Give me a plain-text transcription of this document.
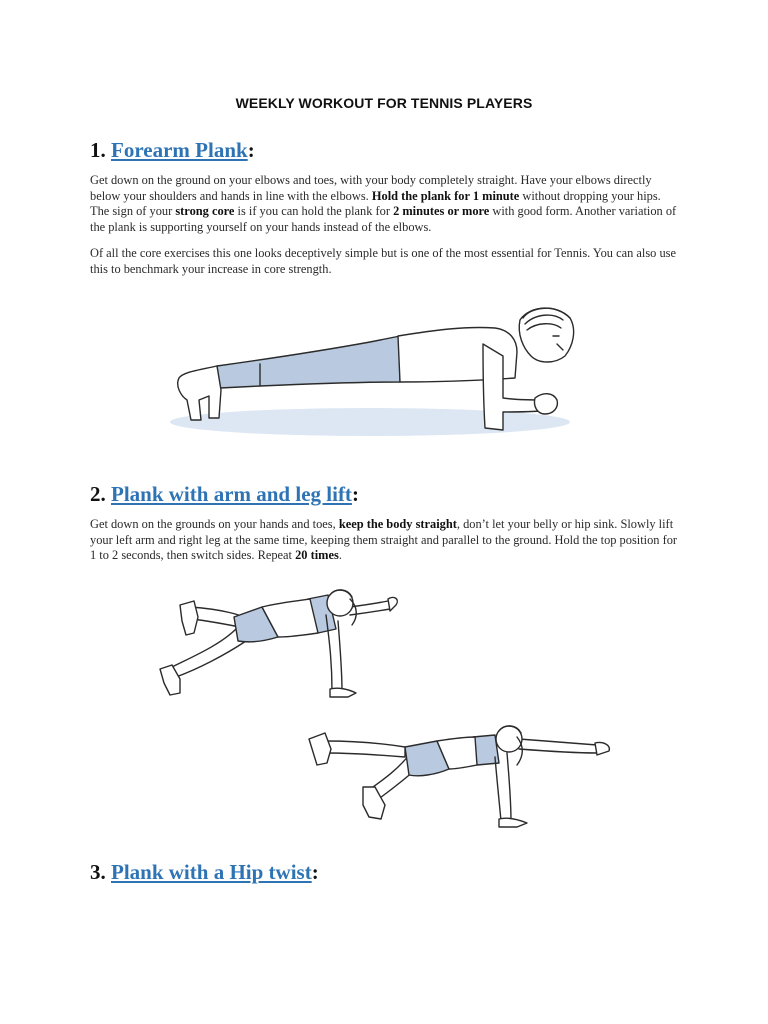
WEEKLY WORKOUT FOR TENNIS PLAYERS
1. Forearm Plank:
Get down on the ground on your elbows and toes, with your body completely straight. Have your elbows directly below your shoulders and hands in line with the elbows. Hold the plank for 1 minute without dropping your hips. The sign of your strong core is if you can hold the plank for 2 minutes or more with good form. Another variation of the plank is supporting yourself on your hands instead of the elbows.
Of all the core exercises this one looks deceptively simple but is one of the most essential for Tennis. You can also use this to benchmark your increase in core strength.
2. Plank with arm and leg lift:
Get down on the grounds on your hands and toes, keep the body straight, don’t let your belly or hip sink. Slowly lift your left arm and right leg at the same time, keeping them straight and parallel to the ground. Hold the top position for 1 to 2 seconds, then switch sides. Repeat 20 times.
3. Plank with a Hip twist:
